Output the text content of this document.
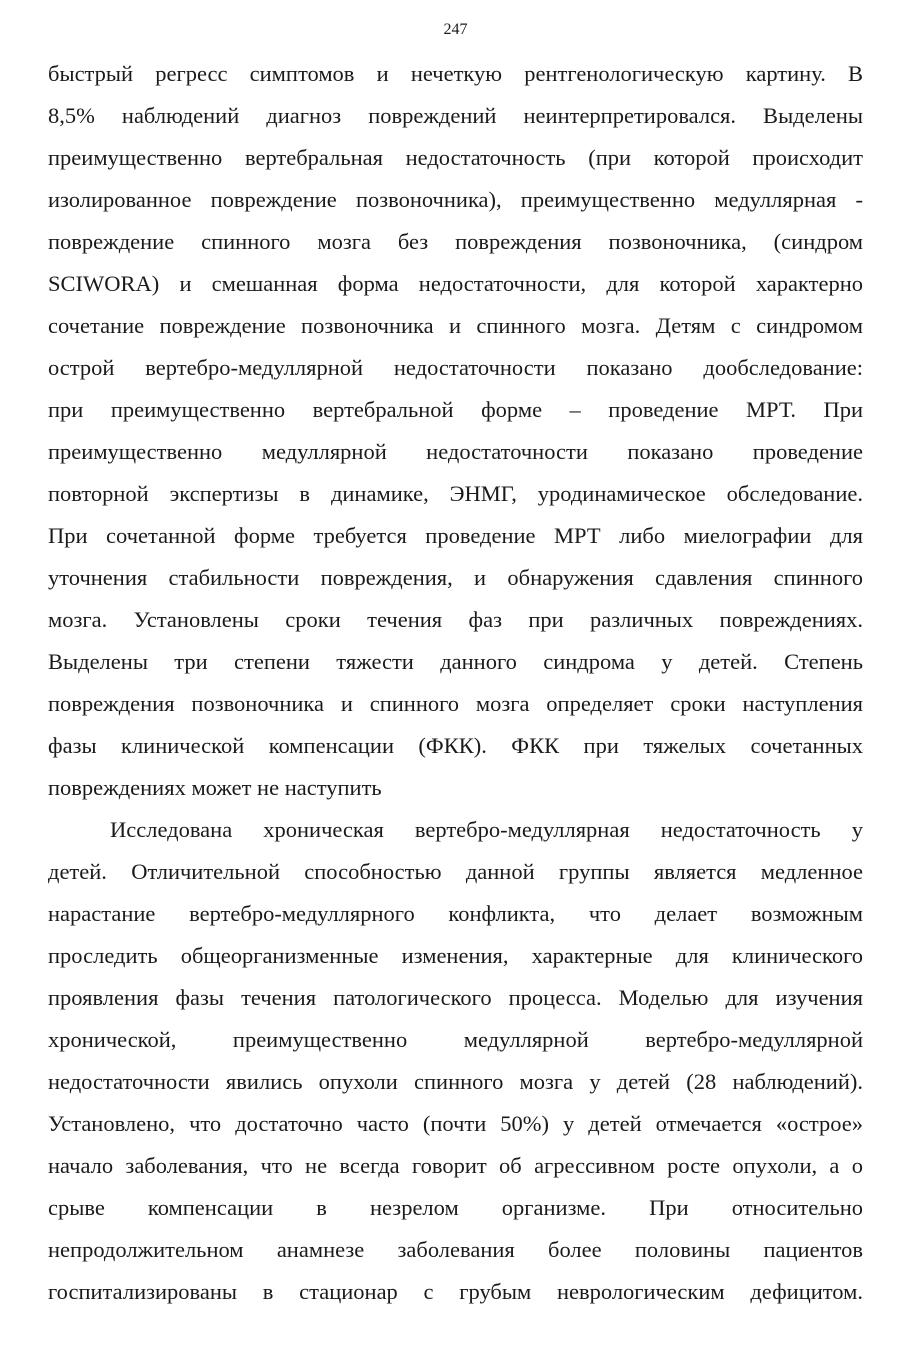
247
быстрый регресс симптомов и нечеткую рентгенологическую картину. В
8,5% наблюдений диагноз повреждений неинтерпретировался. Выделены
преимущественно вертебральная недостаточность (при которой происходит
изолированное повреждение позвоночника), преимущественно медуллярная -
повреждение спинного мозга без повреждения позвоночника, (синдром
SCIWORA) и смешанная форма недостаточности, для которой характерно
сочетание повреждение позвоночника и спинного мозга. Детям с синдромом
острой вертебро-медуллярной недостаточности показано дообследование:
при преимущественно вертебральной форме – проведение МРТ. При
преимущественно медуллярной недостаточности показано проведение
повторной экспертизы в динамике, ЭНМГ, уродинамическое обследование.
При сочетанной форме требуется проведение МРТ либо миелографии для
уточнения стабильности повреждения, и обнаружения сдавления спинного
мозга. Установлены сроки течения фаз при различных повреждениях.
Выделены три степени тяжести данного синдрома у детей. Степень
повреждения позвоночника и спинного мозга определяет сроки наступления
фазы клинической компенсации (ФКК). ФКК при тяжелых сочетанных
повреждениях может не наступить
Исследована хроническая вертебро-медуллярная недостаточность у
детей. Отличительной способностью данной группы является медленное
нарастание вертебро-медуллярного конфликта, что делает возможным
проследить общеорганизменные изменения, характерные для клинического
проявления фазы течения патологического процесса. Моделью для изучения
хронической, преимущественно медуллярной вертебро-медуллярной
недостаточности явились опухоли спинного мозга у детей (28 наблюдений).
Установлено, что достаточно часто (почти 50%) у детей отмечается «острое»
начало заболевания, что не всегда говорит об агрессивном росте опухоли, а о
срыве компенсации в незрелом организме. При относительно
непродолжительном анамнезе заболевания более половины пациентов
госпитализированы в стационар с грубым неврологическим дефицитом.
